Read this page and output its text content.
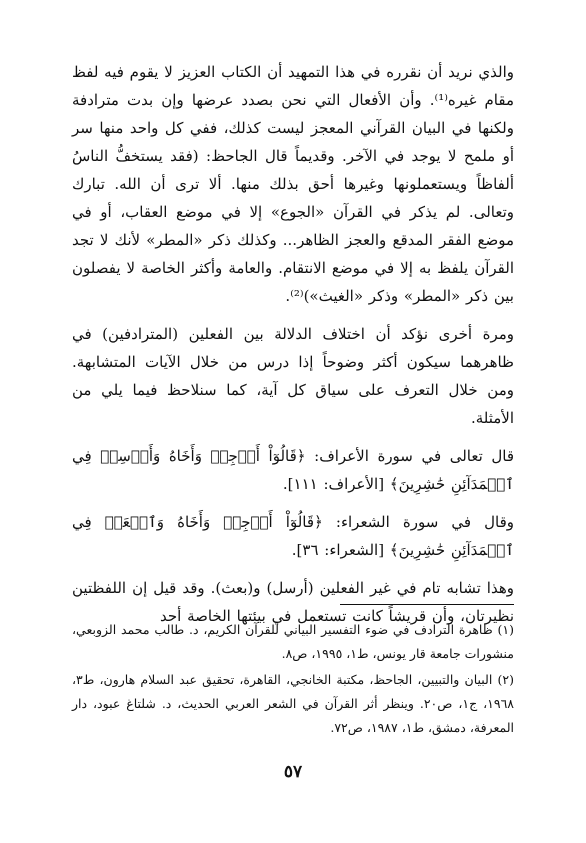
والذي نريد أن نقرره في هذا التمهيد أن الكتاب العزيز لا يقوم فيه لفظ مقام غيره⁽¹⁾. وأن الأفعال التي نحن بصدد عرضها وإن بدت مترادفة ولكنها في البيان القرآني المعجز ليست كذلك، ففي كل واحد منها سر أو ملمح لا يوجد في الآخر. وقديماً قال الجاحظ: (فقد يستخفُّ الناسُ ألفاظاً ويستعملونها وغيرها أحق بذلك منها. ألا ترى أن الله. تبارك وتعالى. لم يذكر في القرآن «الجوع» إلا في موضع العقاب، أو في موضع الفقر المدقع والعجز الظاهر... وكذلك ذكر «المطر» لأنك لا تجد القرآن يلفظ به إلا في موضع الانتقام. والعامة وأكثر الخاصة لا يفصلون بين ذكر «المطر» وذكر «الغيث»)⁽²⁾.

ومرة أخرى نؤكد أن اختلاف الدلالة بين الفعلين (المترادفين) في ظاهرهما سيكون أكثر وضوحاً إذا درس من خلال الآيات المتشابهة. ومن خلال التعرف على سياق كل آية، كما سنلاحظ فيما يلي من الأمثلة.

قال تعالى في سورة الأعراف: ﴿قَالُوٓاْ أَرۡجِهۡ وَأَخَاهُ وَأَرۡسِلۡ فِي ٱلۡمَدَآئِنِ حَٰشِرِينَ﴾ [الأعراف: ١١١].

وقال في سورة الشعراء: ﴿قَالُوٓاْ أَرۡجِهۡ وَأَخَاهُ وَٱبۡعَثۡ فِي ٱلۡمَدَآئِنِ حَٰشِرِينَ﴾ [الشعراء: ٣٦].

وهذا تشابه تام في غير الفعلين (أرسل) و(بعث). وقد قيل إن اللفظتين نظيرتان، وأن قريشاً كانت تستعمل في بيئتها الخاصة أحد

(١) ظاهرة الترادف في ضوء التفسير البياني للقرآن الكريم، د. طالب محمد الزوبعي، منشورات جامعة قار يونس، ط١، ١٩٩٥، ص٨.

(٢) البيان والتبيين، الجاحظ، مكتبة الخانجي، القاهرة، تحقيق عبد السلام هارون، ط٣، ١٩٦٨، ج١، ص٢٠. وينظر أثر القرآن في الشعر العربي الحديث، د. شلتاغ عبود، دار المعرفة، دمشق، ط١، ١٩٨٧، ص٧٢.

٥٧
